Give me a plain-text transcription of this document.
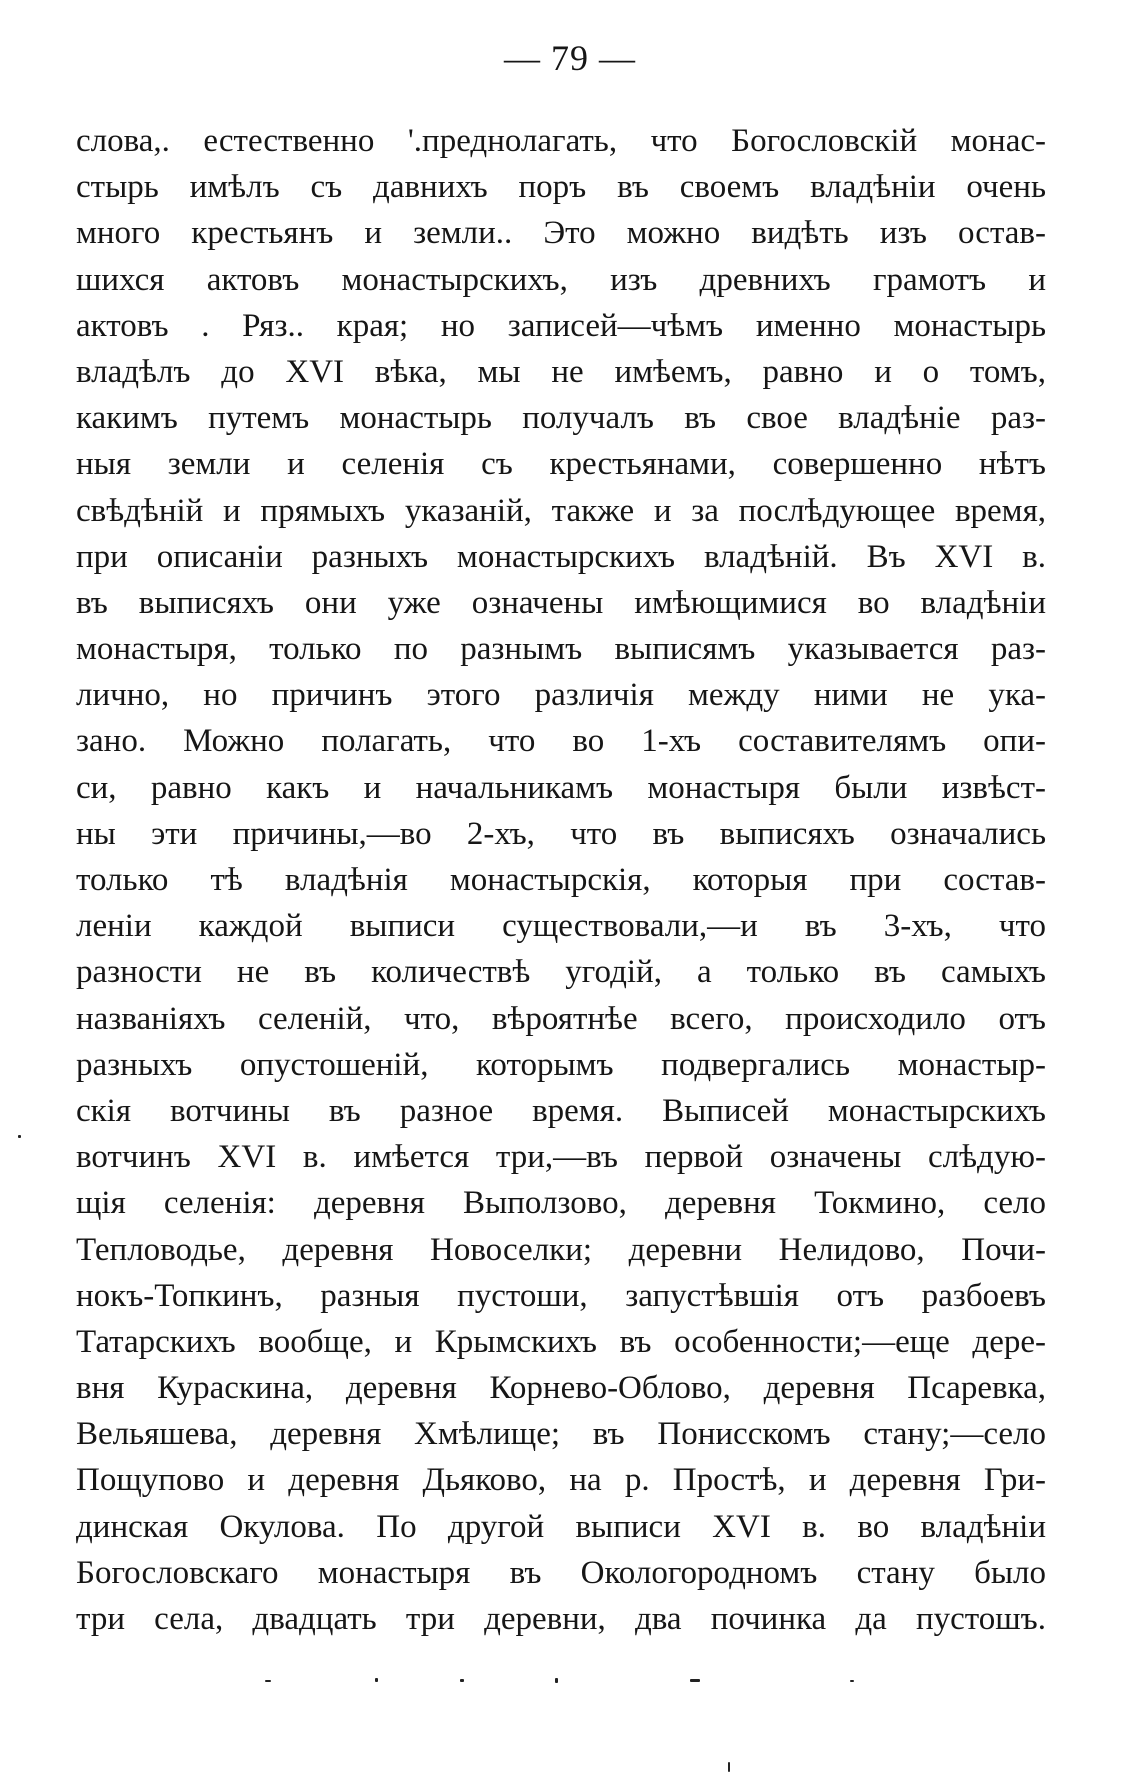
— 79 —
слова,. естественно '.преднолагать, что Богословскій монас-
стырь имѣлъ съ давнихъ поръ въ своемъ владѣніи очень
много крестьянъ и земли.. Это можно видѣть изъ остав-
шихся актовъ монастырскихъ, изъ древнихъ грамотъ и
актовъ . Ряз.. края; но записей—чѣмъ именно монастырь
владѣлъ до XVI вѣка, мы не имѣемъ, равно и о томъ,
какимъ путемъ монастырь получалъ въ свое владѣніе раз-
ныя земли и селенія съ крестьянами, совершенно нѣтъ
свѣдѣній и прямыхъ указаній, также и за послѣдующее время,
при описаніи разныхъ монастырскихъ владѣній. Въ XVI в.
въ выписяхъ они уже означены имѣющимися во владѣніи
монастыря, только по разнымъ выписямъ указывается раз-
лично, но причинъ этого различія между ними не ука-
зано. Можно полагать, что во 1-хъ составителямъ опи-
си, равно какъ и начальникамъ монастыря были извѣст-
ны эти причины,—во 2-хъ, что въ выписяхъ означались
только тѣ владѣнія монастырскія, которыя при состав-
леніи каждой выписи существовали,—и въ 3-хъ, что
разности не въ количествѣ угодій, а только въ самыхъ
названіяхъ селеній, что, вѣроятнѣе всего, происходило отъ
разныхъ опустошеній, которымъ подвергались монастыр-
скія вотчины въ разное время. Выписей монастырскихъ
вотчинъ XVI в. имѣется три,—въ первой означены слѣдую-
щія селенія: деревня Выползово, деревня Токмино, село
Тепловодье, деревня Новоселки; деревни Нелидово, Почи-
нокъ-Топкинъ, разныя пустоши, запустѣвшія отъ разбоевъ
Татарскихъ вообще, и Крымскихъ въ особенности;—еще дере-
вня Кураскина, деревня Корнево-Облово, деревня Псаревка,
Вельяшева, деревня Хмѣлище; въ Понисскомъ стану;—село
Пощупово и деревня Дьяково, на р. Простѣ, и деревня Гри-
динская Окулова. По другой выписи XVI в. во владѣніи
Богословскаго монастыря въ Окологородномъ стану было
три села, двадцать три деревни, два починка да пустошъ.
